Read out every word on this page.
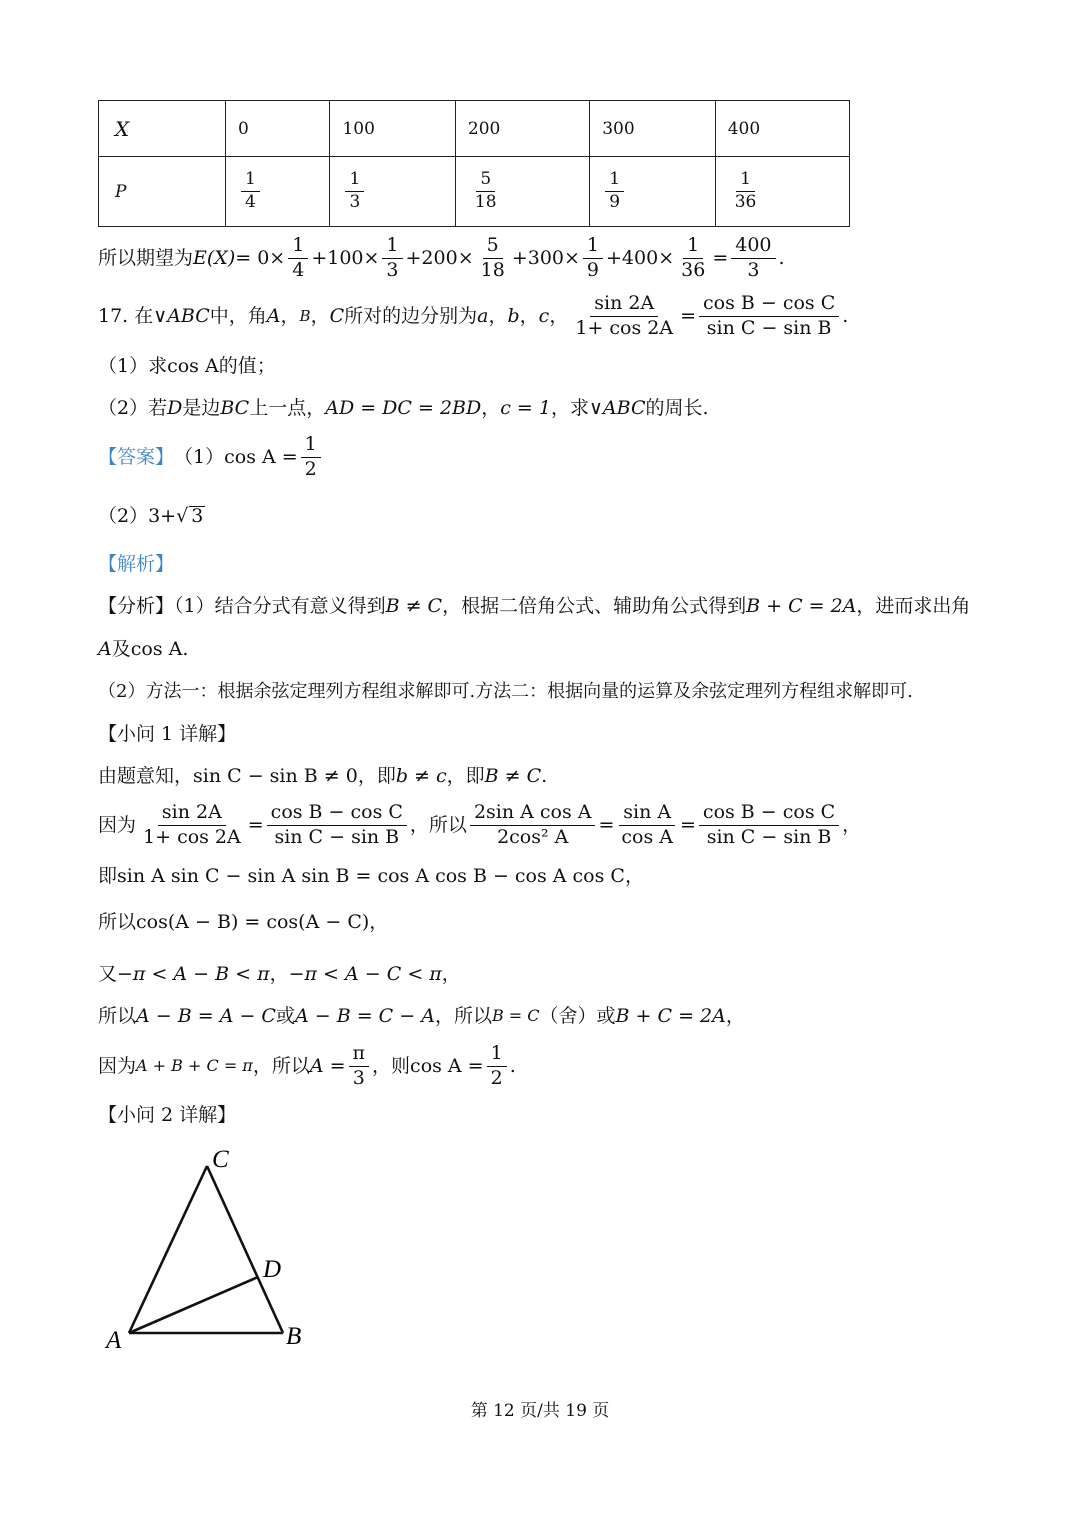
X	0	100	200	300	400
P	$\frac{1}{4}$	$\frac{1}{3}$	$\frac{5}{18}$	$\frac{1}{9}$	$\frac{1}{36}$
所以期望为 $E(X) = 0\times \frac{1}{4} +100\times \frac{1}{3} +200\times \frac{5}{18} +300\times \frac{1}{9} +400\times \frac{1}{36} = \frac{400}{3}$ .
17.
在∨ ABC 中，角 A ， B ， C 所对的边分别为 a ， b ， c ， $\frac{\sin 2A}{1+ \cos 2A} = \frac{\text{cos B − cos C}}{\text{sin C − sin B}}$ .
（1）求 cos A 的值；
（2）若 D 是边 BC 上一点， AD = DC = 2BD ， c = 1 ，求∨ ABC 的周长.
【答案】 （1） $\cos A = \frac{1}{2}$
（2） 3+ √ 3
【解析】
【分析】（1）结合分式有意义得到 B ≠ C ，根据二倍角公式、辅助角公式得到 B + C = 2A ，进而求出角
A 及 cos A .
（2）方法一：根据余弦定理列方程组求解即可.方法二：根据向量的运算及余弦定理列方程组求解即可.
【小问 1 详解】
由题意知， sin C − sin B ≠ 0 ，即 b ≠ c ，即 B ≠ C .
因为 $\frac{\sin 2A}{1+ \cos 2A} = \frac{\text{cos B − cos C}}{\text{sin C − sin B}}$ ，所以 $\frac{\text{2sin A cos A}}{\text{2cos² A}} = \frac{\text{sin A}}{\text{cos A}} = \frac{\text{cos B − cos C}}{\text{sin C − sin B}}$ ，
即 sin A sin C − sin A sin B = cos A cos B − cos A cos C ，
所以 cos(A − B) = cos(A − C) ，
又 −π < A − B < π ， −π < A − C < π ，
所以 A − B = A − C 或 A − B = C − A ，所以 B = C （舍）或 B + C = 2A ，
因为 A + B + C = π ，所以 $A = \frac{\pi}{3}$ ，则 $\cos A = \frac{1}{2}$ .
【小问 2 详解】
A	B
C
D
第 12 页/共 19 页
